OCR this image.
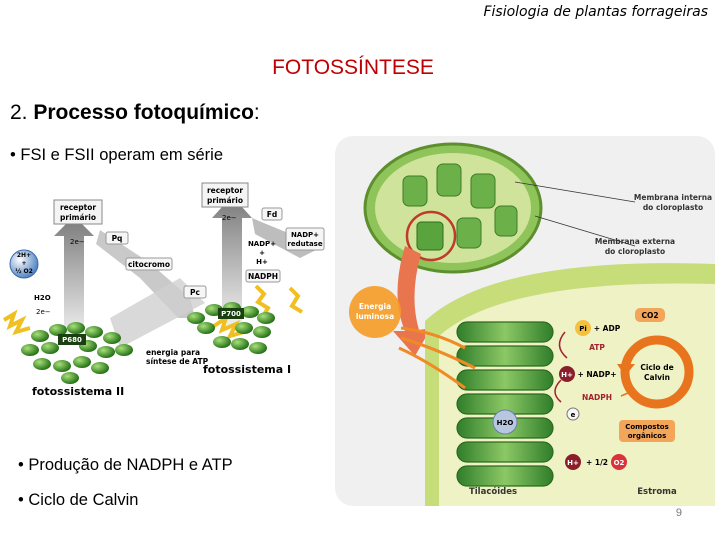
Fisiologia de plantas forrageiras
FOTOSSÍNTESE
2. Processo fotoquímico:
• FSI e FSII operam em série
• Produção de NADPH e ATP
• Ciclo de Calvin
receptor
primário
receptor
primário
2e−
2e−
2e−
Pq
citocromo
Pc
Fd
NADP+
redutase
NADP+
+
H+
NADPH
2H+
+
½ O2
H2O
P680
P700
energia para
síntese de ATP
fotossistema I
fotossistema II
Membrana interna
do cloroplasto
Membrana externa
do cloroplasto
Energia
luminosa
Pi + ADP
ATP
CO2
Ciclo de
Calvin
H+ + NADP+
NADPH
e
H2O	Compostos
orgânicos
H+ + 1/2 O2
Tilacóides	Estroma
9
